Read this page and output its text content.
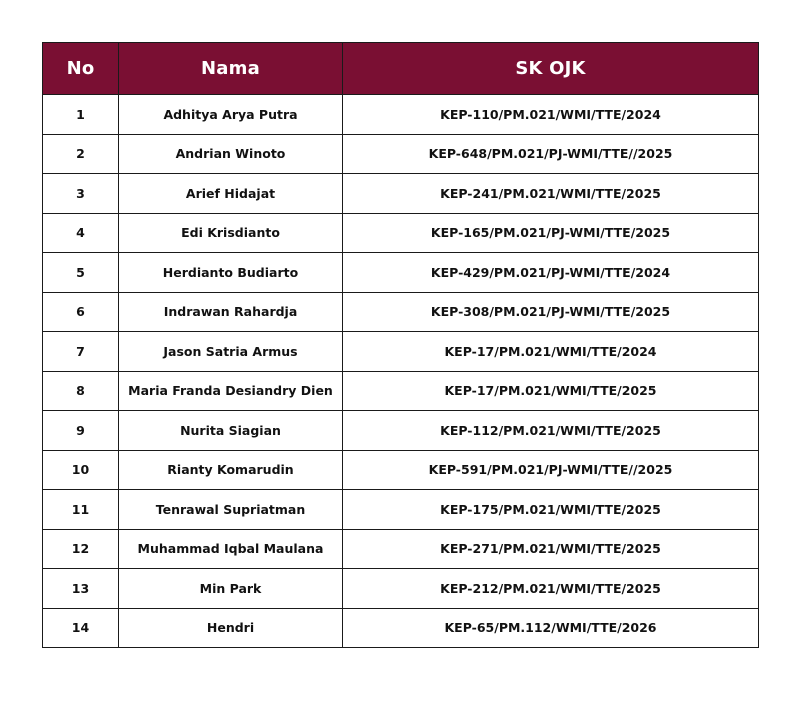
No	Nama	SK OJK
1	Adhitya Arya Putra	KEP-110/PM.021/WMI/TTE/2024
2	Andrian Winoto	KEP-648/PM.021/PJ-WMI/TTE//2025
3	Arief Hidajat	KEP-241/PM.021/WMI/TTE/2025
4	Edi Krisdianto	KEP-165/PM.021/PJ-WMI/TTE/2025
5	Herdianto Budiarto	KEP-429/PM.021/PJ-WMI/TTE/2024
6	Indrawan Rahardja	KEP-308/PM.021/PJ-WMI/TTE/2025
7	Jason Satria Armus	KEP-17/PM.021/WMI/TTE/2024
8	Maria Franda Desiandry Dien	KEP-17/PM.021/WMI/TTE/2025
9	Nurita Siagian	KEP-112/PM.021/WMI/TTE/2025
10	Rianty Komarudin	KEP-591/PM.021/PJ-WMI/TTE//2025
11	Tenrawal Supriatman	KEP-175/PM.021/WMI/TTE/2025
12	Muhammad Iqbal Maulana	KEP-271/PM.021/WMI/TTE/2025
13	Min Park	KEP-212/PM.021/WMI/TTE/2025
14	Hendri	KEP-65/PM.112/WMI/TTE/2026
